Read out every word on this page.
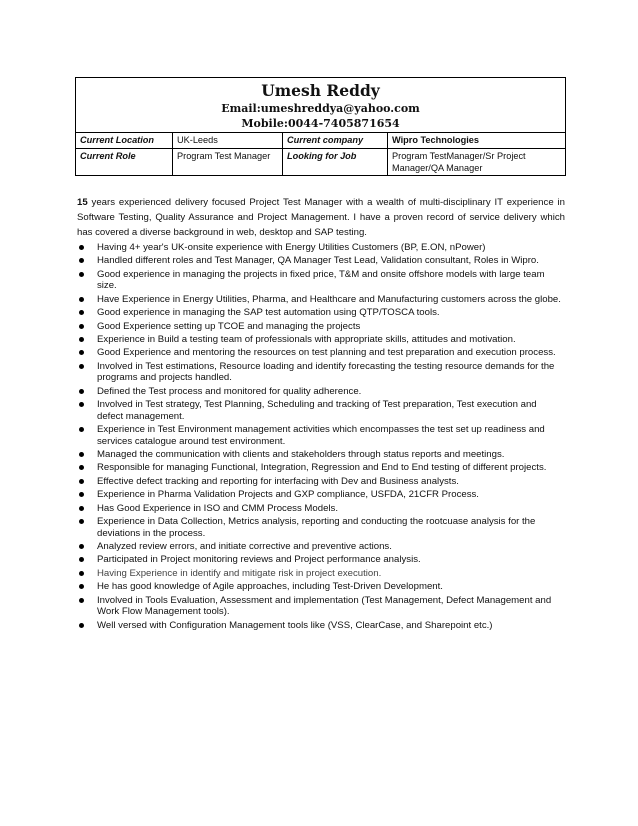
Umesh Reddy
Email:umeshreddya@yahoo.com
Mobile:0044-7405871654			

Current Location	UK-Leeds	Current company	Wipro Technologies
Current Role	Program Test Manager	Looking for Job	Program TestManager/Sr Project Manager/QA Manager

15 years experienced delivery focused Project Test Manager with a wealth of multi-disciplinary IT experience in Software Testing, Quality Assurance and Project Management. I have a proven record of service delivery which has covered a diverse background in web, desktop and SAP testing.

Having 4+ year's UK-onsite experience with Energy Utilities Customers (BP, E.ON, nPower)
Handled different roles and Test Manager, QA Manager Test Lead, Validation consultant, Roles in Wipro.
Good experience in managing the projects in fixed price, T&M and onsite offshore models with large team size.
Have Experience in Energy Utilities, Pharma, and Healthcare and Manufacturing customers across the globe.
Good experience in managing the SAP test automation using QTP/TOSCA tools.
Good Experience setting up TCOE and managing the projects
Experience in Build a testing team of professionals with appropriate skills, attitudes and motivation.
Good Experience and mentoring the resources on test planning and test preparation and execution process.
Involved in Test estimations, Resource loading and identify forecasting the testing resource demands for the programs and projects handled.
Defined the Test process and monitored for quality adherence.
Involved in Test strategy, Test Planning, Scheduling and tracking of Test preparation, Test execution and defect management.
Experience in Test Environment management activities which encompasses the test set up readiness and services catalogue around test environment.
Managed the communication with clients and stakeholders through status reports and meetings.
Responsible for managing Functional, Integration, Regression and End to End testing of different projects.
Effective defect tracking and reporting for interfacing with Dev and Business analysts.
Experience in Pharma Validation Projects and GXP compliance, USFDA, 21CFR Process.
Has Good Experience in ISO and CMM Process Models.
Experience in Data Collection, Metrics analysis, reporting and conducting the rootcuase analysis for the deviations in the process.
Analyzed review errors, and initiate corrective and preventive actions.
Participated in Project monitoring reviews and Project performance analysis.
Having Experience in identify and mitigate risk in project execution.
He has good knowledge of Agile approaches, including Test-Driven Development.
Involved in Tools Evaluation, Assessment and implementation (Test Management, Defect Management and Work Flow Management tools).
Well versed with Configuration Management tools like (VSS, ClearCase, and Sharepoint etc.)
